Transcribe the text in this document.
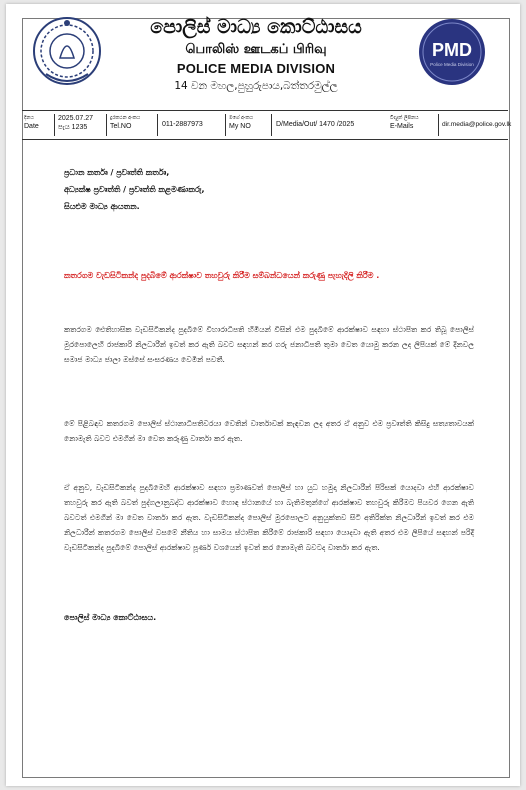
පොලිස් මාධ්‍ය කොට්ඨාසය
பொலிஸ் ஊடகப் பிரிவு
POLICE MEDIA DIVISION
14 වන මහල,පුහුරුපාය,බත්තරමුල්ල
PMD
Police Media Division
දිනය
Date
2025.07.27
පැය 1235
දුරකථන අංකය
Tel.NO	011-2887973
මගේ අංකය
My NO	D/Media/Out/ 1470 /2025
විද්‍යුත් ලිපිනය
E-Mails	dir.media@police.gov.lk
ප්‍රධාන කර්තෘ / ප්‍රවෘත්ති කර්තෘ,
අධ්‍යක්ෂ ප්‍රවෘත්ති / ප්‍රවෘත්ති කළමණාකරු,
සියළුම මාධ්‍ය ආයතන.
කතරගම වැඩසිටිකන්ද පුදබිමේ ආරක්ෂාව තහවුරු කිරීම සම්බන්ධයෙන් කරුණු පැහැදිලි කිරීම .
කතරගම ඓතිහාසික වැඩසිටිකන්ද පුදබිමේ විහාරාධිපති හිමියන් විසින් එම පුදබිමේ ආරක්ෂාව සඳහා ස්ථාපිත කර තිබූ පොලිස් මුරපොලෙහි රාජකාරි නිලධාරීන් ඉවත් කර ඇති බවට සඳහන් කර ගරු ජනාධිපති තුමා වෙත යොමු කරන ලද ලිපියක් මේ දිනවල සමාජ මාධ්‍ය ජාලා ඔස්සේ සංසරණය වෙමින් පවතී.
මේ පිළිබඳව කතරගම පොලිස් ස්ථානාධිපතිවරයා වෙතින් වාර්තාවක් කැඳවන ලද අතර ඒ අනුව එම ප්‍රවෘත්ති කිසිදු සත්‍යතාවයක් නොමැති බවට එමගින් මා වෙත කරුණු වාර්තා කර ඇත.
ඒ අනුව, වැඩසිටිකන්ද පුදබිමෙහි ආරක්ෂාව සඳහා ප්‍රමාණවත් පොලිස් හා යුධ හමුදා නිලධාරීන් පිරිසක් යොදවා එහි ආරක්ෂාව තහවුරු කර ඇති බවත් පුද්ගලානුබද්ධ ආරක්ෂාව හොඳ ස්ථානයේ හා බැතිමතුන්ගේ ආරක්ෂාව තහවුරු කිරීමට පියවර ගෙන ඇති බවටත් එමගින් මා වෙත වාර්තා කර ඇත. වැඩසිටිකන්ද පොලිස් මුරපොලට අනුයුක්තව සිටි අතිරික්ත නිලධාරීන් ඉවත් කර එම නිලධාරීන් කතරගම පොලිස් වසමේ නීතිය හා සාමය ස්ථාපිත කිරීමේ රාජකාරි සඳහා යොදවා ඇති අතර එම ලිපියේ සඳහන් පරිදි වැඩසිටිකන්ද පුදබිමේ පොලිස් ආරක්ෂාව පූර්ණ වශයෙන් ඉවත් කර නොමැති බවටද වාර්තා කර ඇත.
පොලිස් මාධ්‍ය කොට්ඨාසය.
